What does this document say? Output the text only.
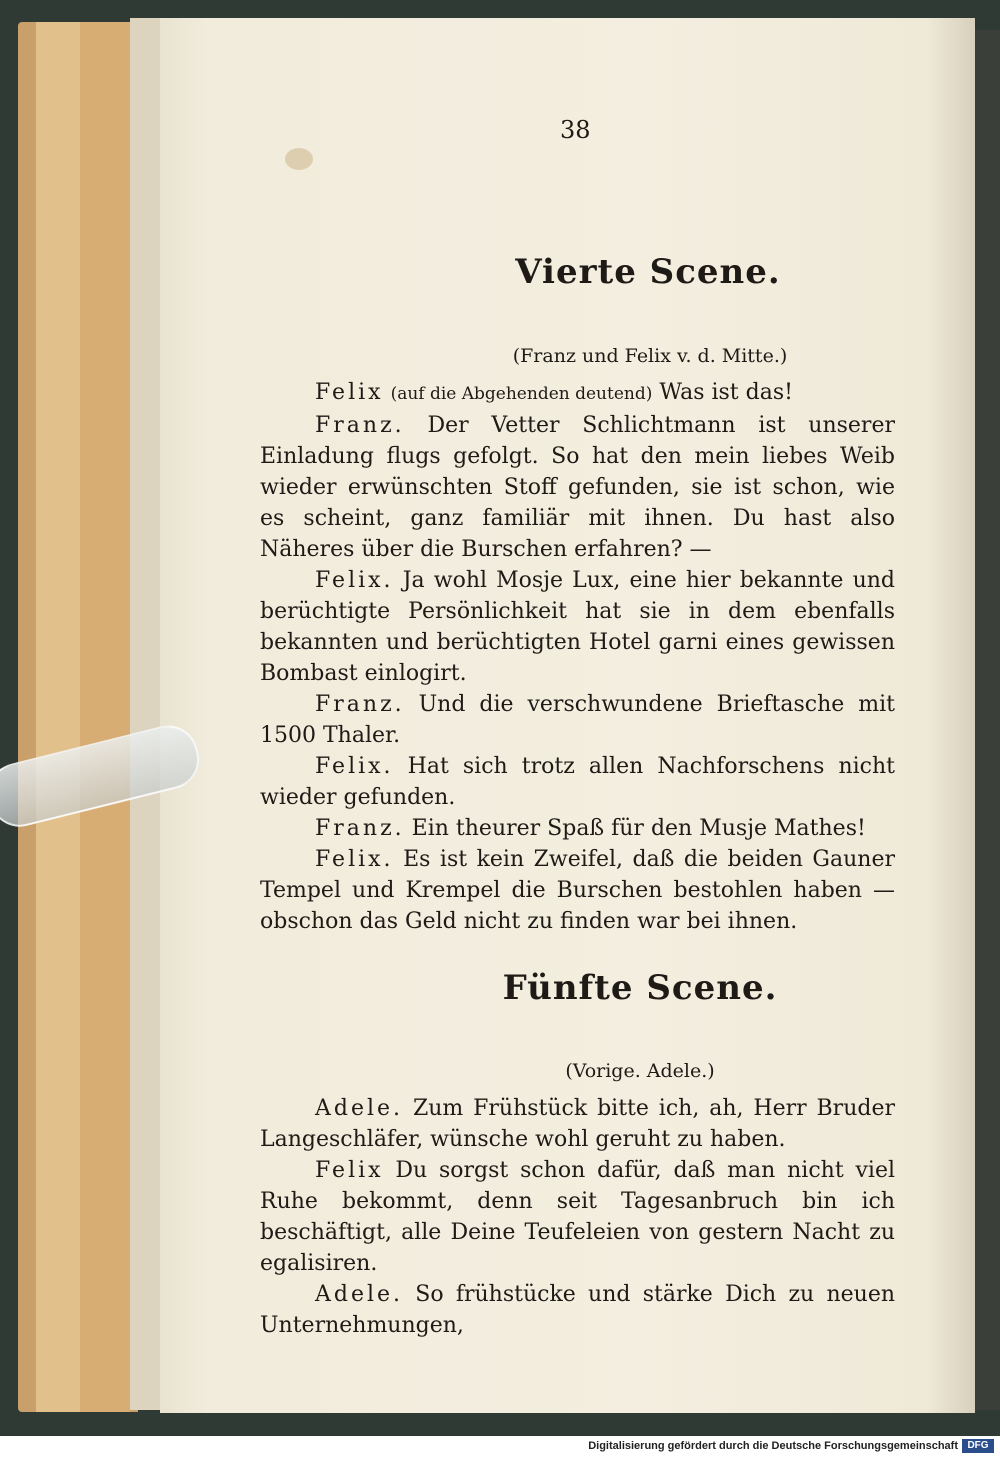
38
Vierte Scene.
(Franz und Felix v. d. Mitte.)

Felix (auf die Abgehenden deutend) Was ist das!

Franz. Der Vetter Schlichtmann ist unserer Einladung flugs gefolgt. So hat den mein liebes Weib wieder erwünschten Stoff gefunden, sie ist schon, wie es scheint, ganz familiär mit ihnen. Du hast also Näheres über die Burschen erfahren? —

Felix. Ja wohl Mosje Lux, eine hier bekannte und berüchtigte Persönlichkeit hat sie in dem ebenfalls bekannten und berüchtigten Hotel garni eines gewissen Bombast einlogirt.

Franz. Und die verschwundene Brieftasche mit 1500 Thaler.

Felix. Hat sich trotz allen Nachforschens nicht wieder gefunden.

Franz. Ein theurer Spaß für den Musje Mathes!

Felix. Es ist kein Zweifel, daß die beiden Gauner Tempel und Krempel die Burschen bestohlen haben — obschon das Geld nicht zu finden war bei ihnen.

Fünfte Scene.
(Vorige. Adele.)

Adele. Zum Frühstück bitte ich, ah, Herr Bruder Langeschläfer, wünsche wohl geruht zu haben.

Felix Du sorgst schon dafür, daß man nicht viel Ruhe bekommt, denn seit Tagesanbruch bin ich beschäftigt, alle Deine Teufeleien von gestern Nacht zu egalisiren.

Adele. So frühstücke und stärke Dich zu neuen Unternehmungen,

Digitalisierung gefördert durch die Deutsche Forschungsgemeinschaft DFG
